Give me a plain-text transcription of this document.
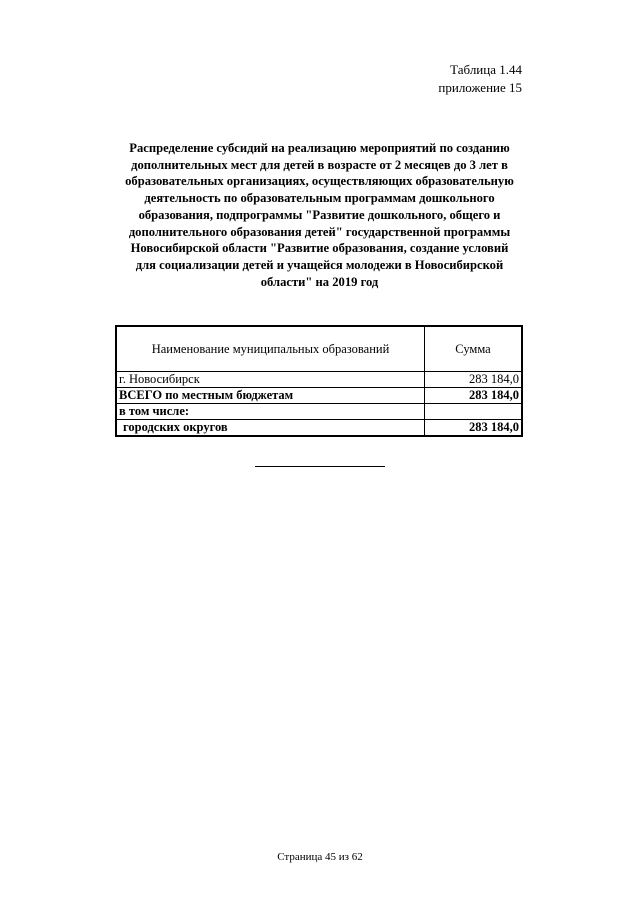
Таблица 1.44
приложение 15
Распределение субсидий на реализацию мероприятий по созданию
дополнительных мест для детей в возрасте от 2 месяцев до 3 лет в
образовательных организациях, осуществляющих образовательную
деятельность по образовательным программам дошкольного
образования, подпрограммы "Развитие дошкольного, общего и
дополнительного образования детей" государственной программы
Новосибирской области "Развитие образования, создание условий
для социализации детей и учащейся молодежи в Новосибирской
области" на 2019 год
Наименование муниципальных образований	Сумма
г. Новосибирск	283 184,0
ВСЕГО по местным бюджетам	283 184,0
в том числе:	
городских округов	283 184,0
Страница 45 из 62
